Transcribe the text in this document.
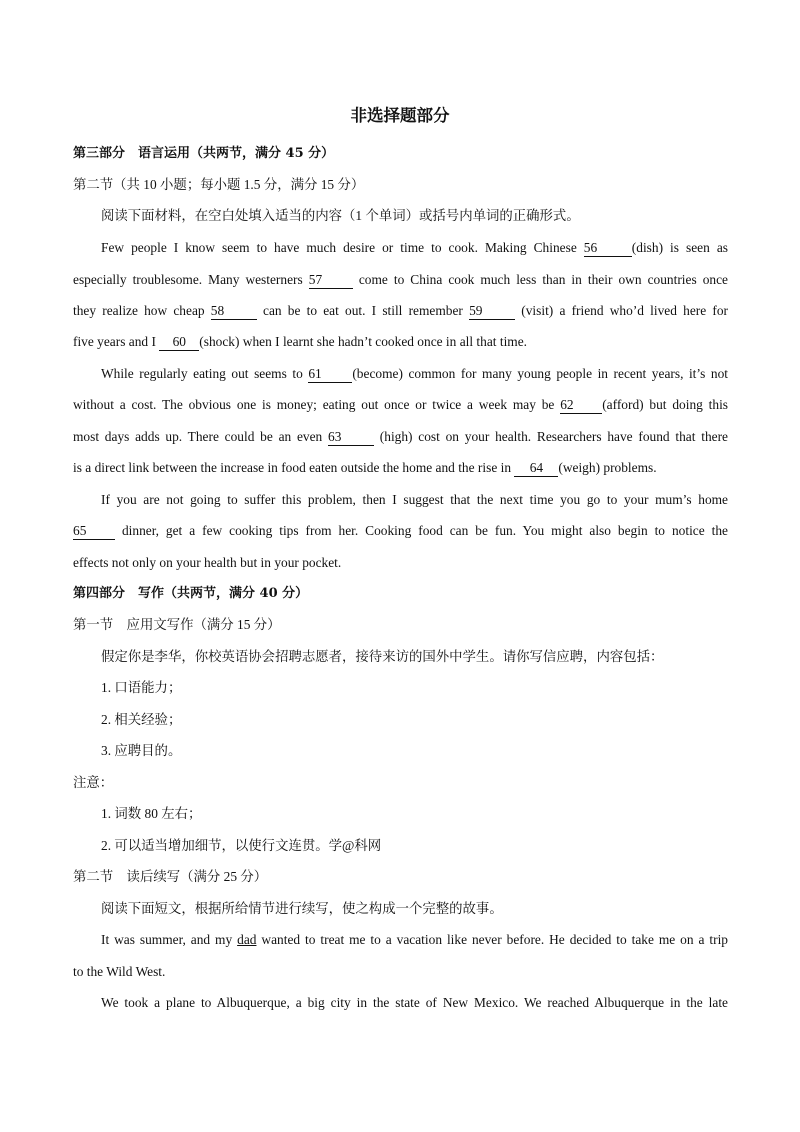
非选择题部分
第三部分　语言运用（共两节，满分 45 分）
第二节（共 10 小题；每小题 1.5 分，满分 15 分）
阅读下面材料，在空白处填入适当的内容（1 个单词）或括号内单词的正确形式。
Few people I know seem to have much desire or time to cook. Making Chinese 56	(dish) is seen as
especially troublesome. Many westerners 57	come to China cook much less than in their own countries once
they realize how cheap 58	can be to eat out. I still remember 59	(visit) a friend who’d lived here for
five years and I 60 (shock) when I learnt she hadn’t cooked once in all that time.
While regularly eating out seems to 61 (become) common for many young people in recent years, it’s not
without a cost. The obvious one is money; eating out once or twice a week may be 62 (afford) but doing this
most days adds up. There could be an even 63	(high) cost on your health. Researchers have found that there
is a direct link between the increase in food eaten outside the home and the rise in 64 (weigh) problems.
If you are not going to suffer this problem, then I suggest that the next time you go to your mum’s home
65	dinner, get a few cooking tips from her. Cooking food can be fun. You might also begin to notice the
effects not only on your health but in your pocket.
第四部分　写作（共两节，满分 40 分）
第一节　应用文写作（满分 15 分）
假定你是李华，你校英语协会招聘志愿者，接待来访的国外中学生。请你写信应聘，内容包括：
1. 口语能力；
2. 相关经验；
3. 应聘目的。
注意：
1. 词数 80 左右；
2. 可以适当增加细节，以使行文连贯。学@科网
第二节　读后续写（满分 25 分）
阅读下面短文，根据所给情节进行续写，使之构成一个完整的故事。
It was summer, and my dad wanted to treat me to a vacation like never before. He decided to take me on a trip
to the Wild West.
We took a plane to Albuquerque, a big city in the state of New Mexico. We reached Albuquerque in the late
